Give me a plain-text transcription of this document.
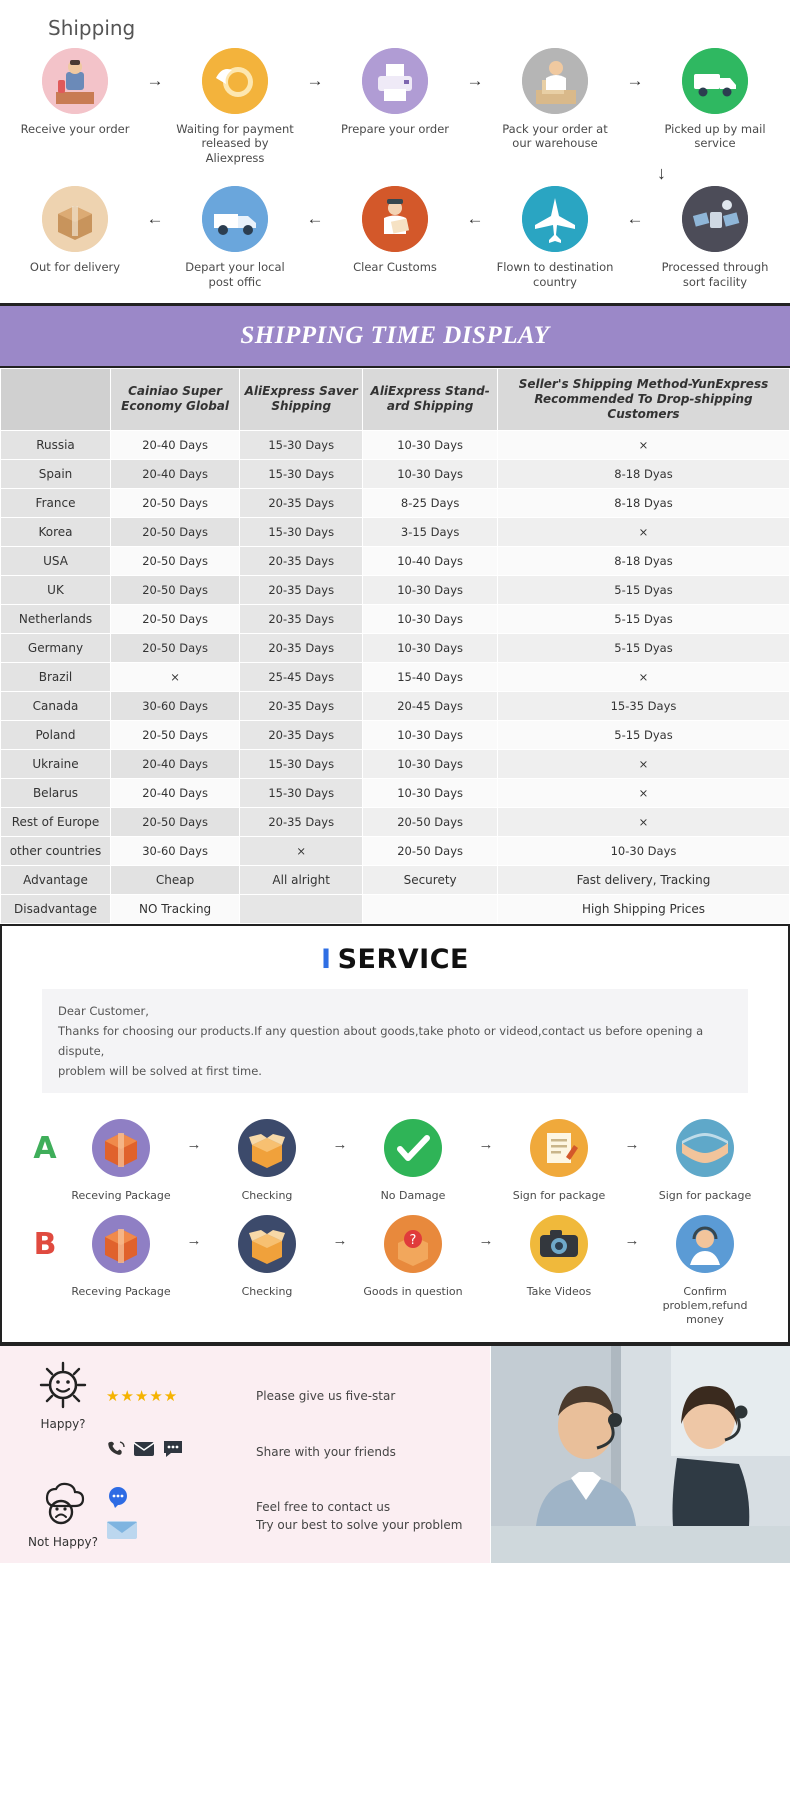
Shipping
Receive your order
→
Waiting for payment released by Aliexpress
→
Prepare your order
→
Pack your order at our warehouse
→
Picked up by mail service
↓
Out for delivery
←
Depart your local post offic
←
Clear Customs
←
Flown to destination country
←
Processed through sort facility
SHIPPING TIME DISPLAY
	Cainiao Super Economy Global	AliExpress Saver Shipping	AliExpress Stand-ard Shipping	Seller's Shipping Method-YunExpress Recommended To Drop-shipping Customers
Russia	20-40 Days	15-30 Days	10-30 Days	×
Spain	20-40 Days	15-30 Days	10-30 Days	8-18 Dyas
France	20-50 Days	20-35 Days	8-25 Days	8-18 Dyas
Korea	20-50 Days	15-30 Days	3-15 Days	×
USA	20-50 Days	20-35 Days	10-40 Days	8-18 Dyas
UK	20-50 Days	20-35 Days	10-30 Days	5-15 Dyas
Netherlands	20-50 Days	20-35 Days	10-30 Days	5-15 Dyas
Germany	20-50 Days	20-35 Days	10-30 Days	5-15 Dyas
Brazil	×	25-45 Days	15-40 Days	×
Canada	30-60 Days	20-35 Days	20-45 Days	15-35 Days
Poland	20-50 Days	20-35 Days	10-30 Days	5-15 Dyas
Ukraine	20-40 Days	15-30 Days	10-30 Days	×
Belarus	20-40 Days	15-30 Days	10-30 Days	×
Rest of Europe	20-50 Days	20-35 Days	20-50 Days	×
other countries	30-60 Days	×	20-50 Days	10-30 Days
Advantage	Cheap	All alright	Securety	Fast delivery, Tracking
Disadvantage	NO Tracking			High Shipping Prices
I SERVICE
Dear Customer,
Thanks for choosing our products.If any question about goods,take photo or videod,contact us before opening a dispute,
problem will be solved at first time.
A
Receving Package
→
Checking
→
No Damage
→
Sign for package
→
Sign for package
B
Receving Package
→
Checking
→	?
Goods in question
→
Take Videos
→
Confirm problem,refund money
Happy?
★★★★★	Please give us five-star
Share with your friends
Not Happy?
Feel free to contact us
Try our best to solve your problem
